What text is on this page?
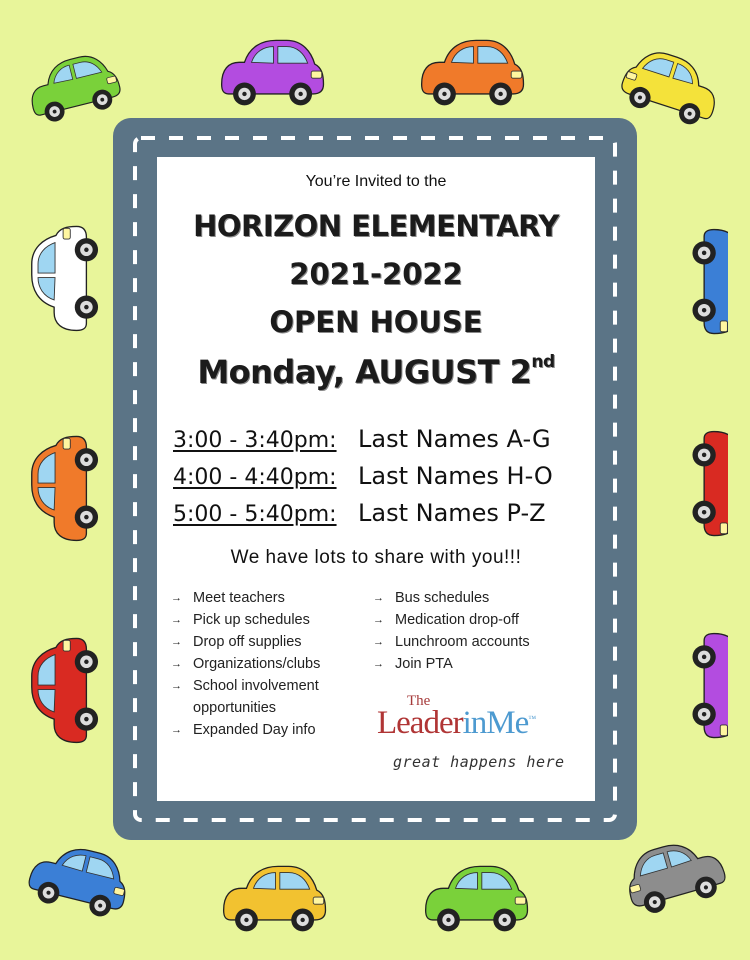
You’re Invited to the
HORIZON ELEMENTARY
2021-2022
OPEN HOUSE
Monday, AUGUST 2nd
3:00 - 3:40pm: Last Names A-G
4:00 - 4:40pm: Last Names H-O
5:00 - 5:40pm: Last Names P-Z
We have lots to share with you!!!
→ Meet teachers
→ Pick up schedules
→ Drop off supplies
→ Organizations/clubs
→ School involvement opportunities
→ Expanded Day info
→ Bus schedules
→ Medication drop-off
→ Lunchroom accounts
→ Join PTA
The
LeaderinMe™
great happens here
